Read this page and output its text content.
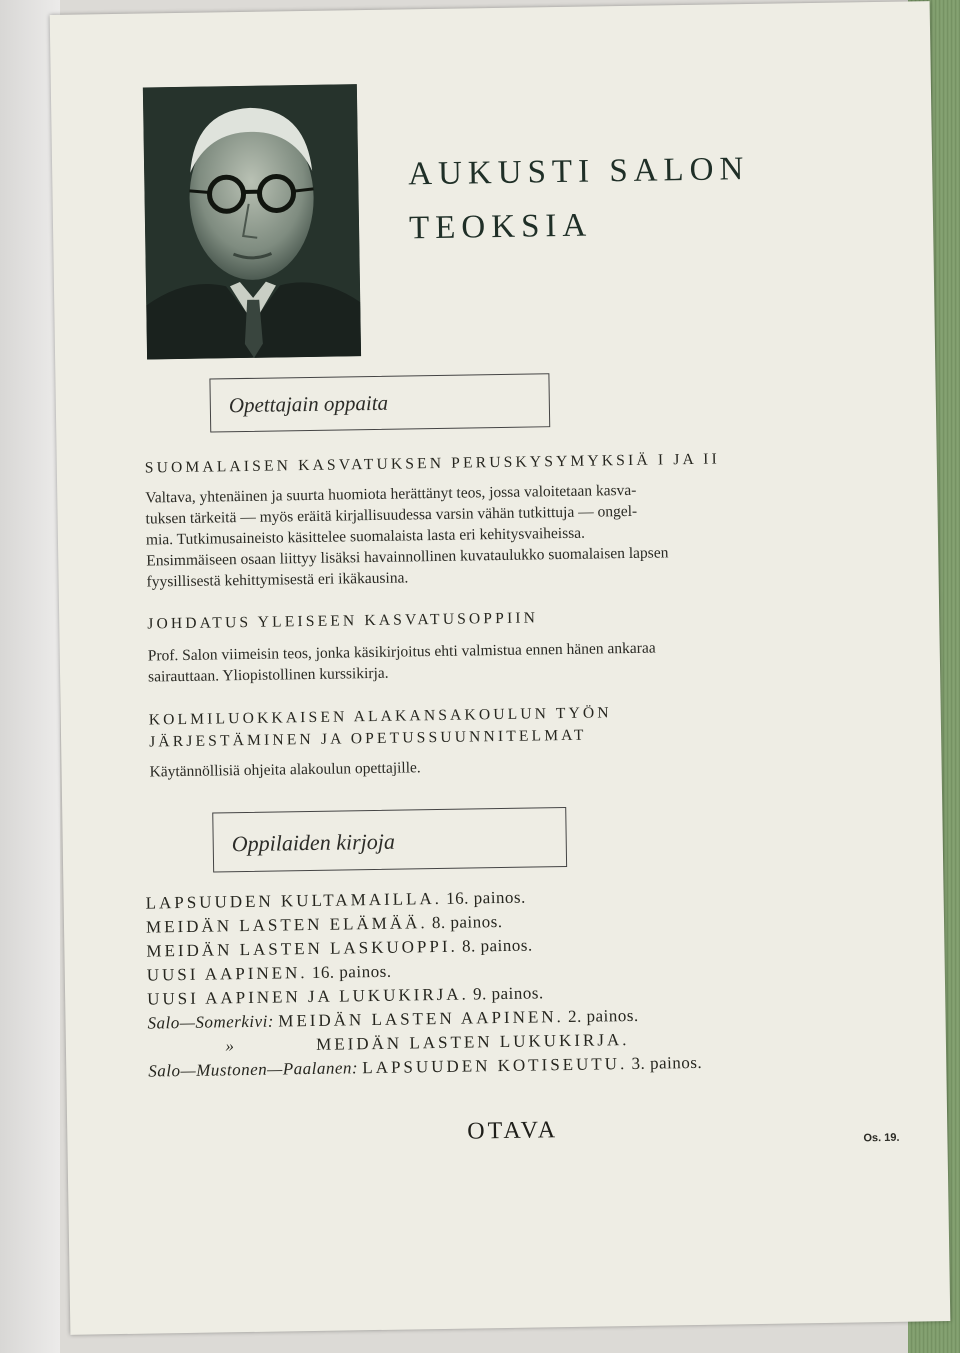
AUKUSTI SALON
TEOKSIA
Opettajain oppaita
SUOMALAISEN KASVATUKSEN PERUSKYSYMYKSIÄ I JA II
Valtava, yhtenäinen ja suurta huomiota herättänyt teos, jossa valoitetaan kasva-
tuksen tärkeitä — myös eräitä kirjallisuudessa varsin vähän tutkittuja — ongel-
mia. Tutkimusaineisto käsittelee suomalaista lasta eri kehitysvaiheissa.
Ensimmäiseen osaan liittyy lisäksi havainnollinen kuvataulukko suomalaisen lapsen
fyysillisestä kehittymisestä eri ikäkausina.
JOHDATUS YLEISEEN KASVATUSOPPIIN
Prof. Salon viimeisin teos, jonka käsikirjoitus ehti valmistua ennen hänen ankaraa
sairauttaan. Yliopistollinen kurssikirja.
KOLMILUOKKAISEN ALAKANSAKOULUN TYÖN
JÄRJESTÄMINEN JA OPETUSSUUNNITELMAT
Käytännöllisiä ohjeita alakoulun opettajille.
Oppilaiden kirjoja
LAPSUUDEN KULTAMAILLA. 16. painos.
MEIDÄN LASTEN ELÄMÄÄ. 8. painos.
MEIDÄN LASTEN LASKUOPPI. 8. painos.
UUSI AAPINEN. 16. painos.
UUSI AAPINEN JA LUKUKIRJA. 9. painos.
Salo—Somerkivi: MEIDÄN LASTEN AAPINEN. 2. painos.
»	MEIDÄN LASTEN LUKUKIRJA.
Salo—Mustonen—Paalanen: LAPSUUDEN KOTISEUTU. 3. painos.
OTAVA	Os. 19.
